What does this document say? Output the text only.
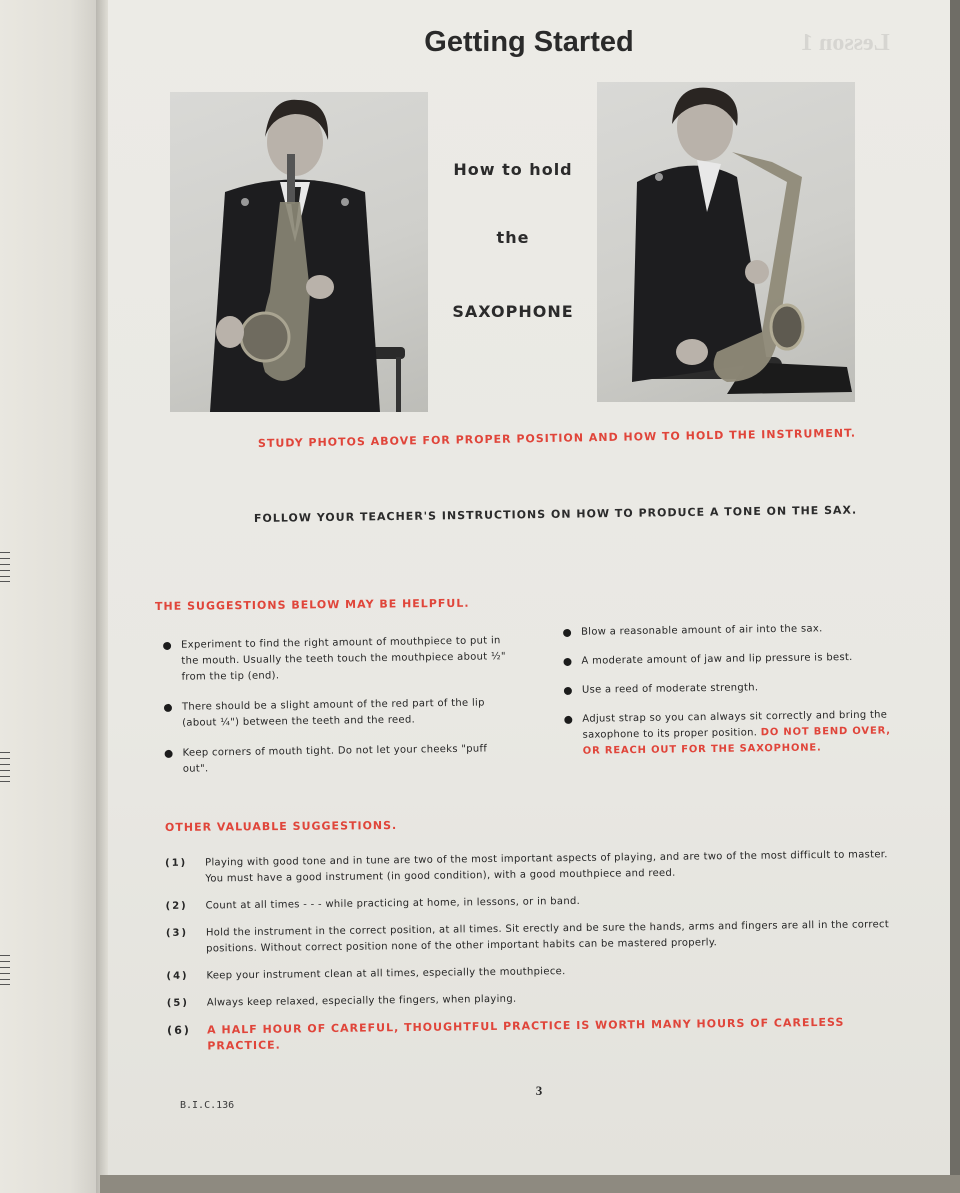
Lesson 1
Getting Started
How to hold
the
SAXOPHONE
STUDY PHOTOS ABOVE FOR PROPER POSITION AND HOW TO HOLD THE INSTRUMENT.
FOLLOW YOUR TEACHER'S INSTRUCTIONS ON HOW TO PRODUCE A TONE ON THE SAX.
THE SUGGESTIONS BELOW MAY BE HELPFUL.
Experiment to find the right amount of mouthpiece to put in the mouth. Usually the teeth touch the mouthpiece about ½" from the tip (end).
There should be a slight amount of the red part of the lip (about ¼") between the teeth and the reed.
Keep corners of mouth tight. Do not let your cheeks "puff out".
Blow a reasonable amount of air into the sax.
A moderate amount of jaw and lip pressure is best.
Use a reed of moderate strength.
Adjust strap so you can always sit correctly and bring the saxophone to its proper position. DO NOT BEND OVER, OR REACH OUT FOR THE SAXOPHONE.
OTHER VALUABLE SUGGESTIONS.
(1) Playing with good tone and in tune are two of the most important aspects of playing, and are two of the most difficult to master. You must have a good instrument (in good condition), with a good mouthpiece and reed.
(2) Count at all times - - - while practicing at home, in lessons, or in band.
(3) Hold the instrument in the correct position, at all times. Sit erectly and be sure the hands, arms and fingers are all in the correct positions. Without correct position none of the other important habits can be mastered properly.
(4) Keep your instrument clean at all times, especially the mouthpiece.
(5) Always keep relaxed, especially the fingers, when playing.
(6) A HALF HOUR OF CAREFUL, THOUGHTFUL PRACTICE IS WORTH MANY HOURS OF CARELESS PRACTICE.
3
B.I.C.136
